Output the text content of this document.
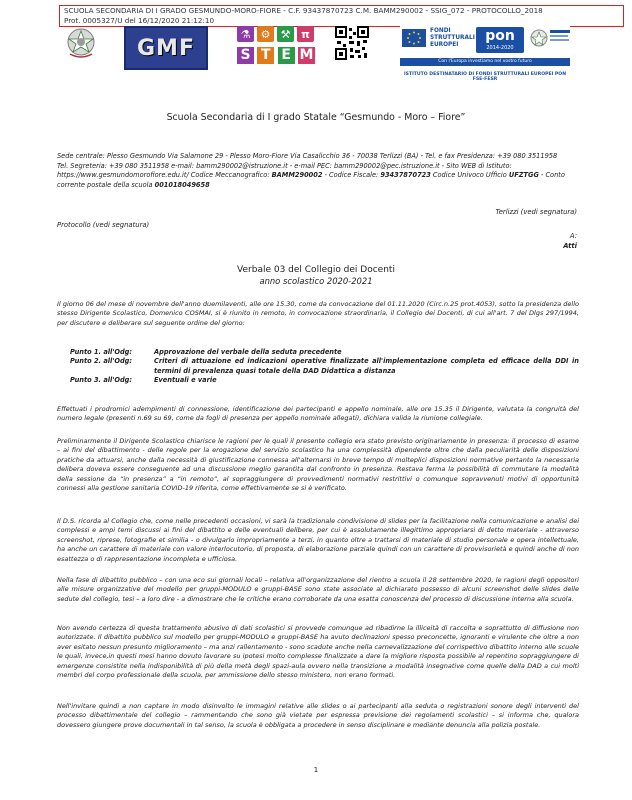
SCUOLA SECONDARIA DI I GRADO GESMUNDO-MORO-FIORE - C.F. 93437870723 C.M. BAMM290002 - SSIG_072 - PROTOCOLLO_2018
Prot. 0005327/U del 16/12/2020 21:12:10
GMF
⚗ ⚙ ⚒ π
S T E M
FONDI STRUTTURALI EUROPEI
pon
2014-2020
Con l'Europa investiamo nel vostro futuro
ISTITUTO DESTINATARIO DI FONDI STRUTTURALI EUROPEI PON FSE-FESR
Scuola Secondaria di I grado Statale “Gesmundo - Moro – Fiore”
Sede centrale: Plesso Gesmundo Via Salamone 29 - Plesso Moro-Fiore Via Casalicchio 36 - 70038 Terlizzi (BA) - Tel. e fax Presidenza: +39 080 3511958
Tel. Segreteria: +39 080 3511958 e-mail: bamm290002@istruzione.it - e-mail PEC: bamm290002@pec.istruzione.it - Sito WEB di Istituto:
https://www.gesmundomorofiore.edu.it/ Codice Meccanografico: BAMM290002 - Codice Fiscale: 93437870723 Codice Univoco Ufficio UFZTGG - Conto
corrente postale della scuola 001018049658
Terlizzi (vedi segnatura)
Protocollo (vedi segnatura)
A:
Atti
Verbale 03 del Collegio dei Docenti
anno scolastico 2020-2021
Il giorno 06 del mese di novembre dell'anno duemilaventi, alle ore 15.30, come da convocazione del 01.11.2020 (Circ.n.25 prot.4053), sotto la presidenza dello stesso Dirigente Scolastico, Domenico COSMAI, si è riunito in remoto, in convocazione straordinaria, il Collegio dei Docenti, di cui all'art. 7 del Dlgs 297/1994, per discutere e deliberare sul seguente ordine del giorno:
Punto 1. all'Odg:	Approvazione del verbale della seduta precedente
Punto 2. all'Odg:	Criteri di attuazione ed indicazioni operative finalizzate all'implementazione completa ed efficace della DDI in termini di prevalenza quasi totale della DAD Didattica a distanza
Punto 3. all'Odg:	Eventuali e varie
Effettuati i prodromici adempimenti di connessione, identificazione dei partecipanti e appello nominale, alle ore 15.35 il Dirigente, valutata la congruità del numero legale (presenti n.69 su 69, come da fogli di presenza per appello nominale allegati), dichiara valida la riunione collegiale.
Preliminarmente il Dirigente Scolastico chiarisce le ragioni per le quali il presente collegio era stato previsto originariamente in presenza: il processo di esame – ai fini del dibattimento - delle regole per la erogazione del servizio scolastico ha una complessità dipendente oltre che dalla peculiarità delle disposizioni pratiche da attuarsi, anche dalla necessità di giustificazione connessa all'alternarsi in breve tempo di molteplici disposizioni normative pertanto la necessaria delibera doveva essere conseguente ad una discussione meglio garantita dal confronto in presenza. Restava ferma la possibilità di commutare la modalità della sessione da “in presenza” a “in remoto”, al sopraggiungere di provvedimenti normativi restrittivi o comunque sopravvenuti motivi di opportunità connessi alla gestione sanitaria COVID-19 riferita, come effettivamente se si è verificato.
Il D.S. ricorda al Collegio che, come nelle precedenti occasioni, vi sarà la tradizionale condivisione di slides per la facilitazione nella comunicazione e analisi dei complessi e ampi temi discussi ai fini del dibattito e delle eventuali delibere, per cui è assolutamente illegittimo appropriarsi di detto materiale - attraverso screenshot, riprese, fotografie et similia - o divulgarlo impropriamente a terzi, in quanto oltre a trattarsi di materiale di studio personale e opera intellettuale, ha anche un carattere di materiale con valore interlocutorio, di proposta, di elaborazione parziale quindi con un carattere di provvisorietà e quindi anche di non esattezza o di rappresentazione incompleta e ufficiosa.
Nella fase di dibattito pubblico – con una eco sui giornali locali – relativa all'organizzazione del rientro a scuola il 28 settembre 2020, le ragioni degli oppositori alle misure organizzative del modello per gruppi-MODULO e gruppi-BASE sono state associate al dichiarato possesso di alcuni screenshot delle slides delle sedute del collegio, tesi – a loro dire - a dimostrare che le critiche erano corroborate da una esatta conoscenza del processo di discussione interna alla scuola.
Non avendo certezza di questa trattamento abusivo di dati scolastici si provvede comunque ad ribadirne la illiceità di raccolta e soprattutto di diffusione non autorizzate. Il dibattito pubblico sul modello per gruppi-MODULO e gruppi-BASE ha avuto declinazioni spesso preconcette, ignoranti e virulente che oltre a non aver esitato nessun presunto miglioramento – ma anzi rallentamento - sono scadute anche nella carnevalizzazione del corrispettivo dibattito interno alle scuole le quali, invece,in questi mesi hanno dovuto lavorare su ipotesi molto complesse finalizzate a dare la migliore risposta possibile al repentino sopraggiungere di emergenze consistite nella indisponibilità di più della metà degli spazi-aula ovvero nella transizione a modalità insegnative come quelle della DAD a cui molti membri del corpo professionale della scuola, per ammissione dello stesso ministero, non erano formati.
Nell'invitare quindi a non captare in modo disinvolto le immagini relative alle slides o ai partecipanti alla seduta o registrazioni sonore degli interventi del processo dibattimentale del collegio – rammentando che sono già vietate per espressa previsione dei regolamenti scolastici – si informa che, qualora dovessero giungere prove documentali in tal senso, la scuola è obbligata a procedere in senso disciplinare e mediante denuncia alla polizia postale.
1
